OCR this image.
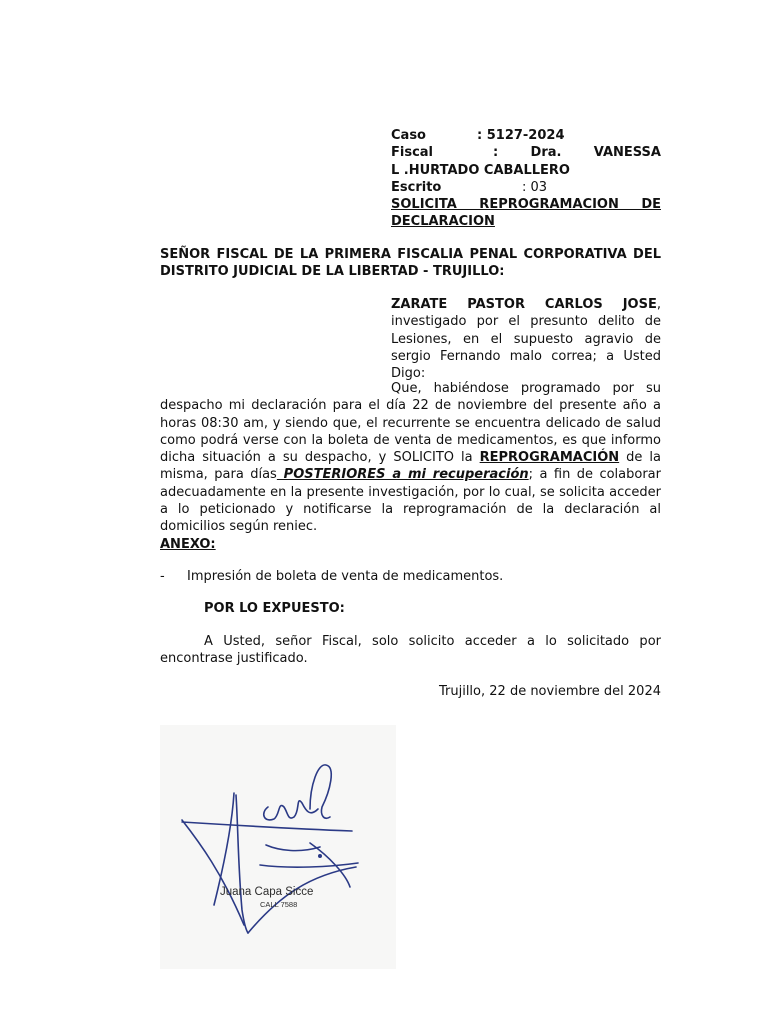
Caso	: 5127-2024
Fiscal	: Dra. VANESSA
L .HURTADO CABALLERO
Escrito	: 03
SOLICITA REPROGRAMACION DE DECLARACION
SEÑOR FISCAL DE LA PRIMERA FISCALIA PENAL CORPORATIVA DEL DISTRITO JUDICIAL DE LA LIBERTAD - TRUJILLO:
ZARATE PASTOR CARLOS JOSE, investigado por el presunto delito de Lesiones, en el supuesto agravio de sergio Fernando malo correa; a Usted Digo:
Que, habiéndose programado por su despacho mi declaración para el día 22 de noviembre del presente año a horas 08:30 am, y siendo que, el recurrente se encuentra delicado de salud como podrá verse con la boleta de venta de medicamentos, es que informo dicha situación a su despacho, y SOLICITO la REPROGRAMACIÓN de la misma, para días POSTERIORES a mi recuperación; a fin de colaborar adecuadamente en la presente investigación, por lo cual, se solicita acceder a lo peticionado y notificarse la reprogramación de la declaración al domicilios según reniec.
ANEXO:
-	Impresión de boleta de venta de medicamentos.
POR LO EXPUESTO:
A Usted, señor Fiscal, solo solicito acceder a lo solicitado por encontrase justificado.
Trujillo, 22 de noviembre del 2024
Juana Capa Sicce
CALL 7588
